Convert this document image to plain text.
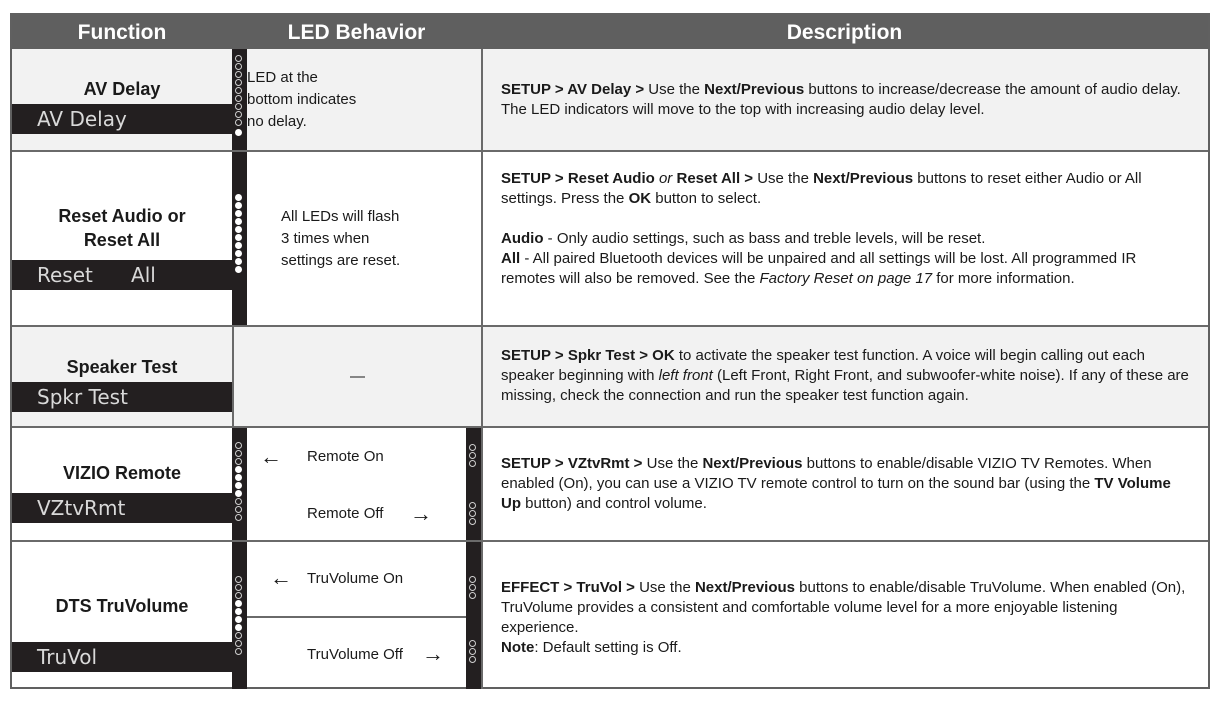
Function	LED Behavior	Description
AV Delay
AV Delay

LED at the

bottom indicates

no delay.

SETUP > AV Delay > Use the Next/Previous buttons to increase/decrease the amount of audio delay. The LED indicators will move to the top with increasing audio delay level.

Reset Audio or
Reset All
Reset      All

All LEDs will flash

3 times when

settings are reset.

SETUP > Reset Audio or Reset All > Use the Next/Previous buttons to reset either Audio or All settings. Press the OK button to select.

Audio - Only audio settings, such as bass and treble levels, will be reset.

All - All paired Bluetooth devices will be unpaired and all settings will be lost. All programmed IR remotes will also be removed. See the Factory Reset on page 17 for more information.

Speaker Test
Spkr Test
—

SETUP > Spkr Test > OK to activate the speaker test function. A voice will begin calling out each speaker beginning with left front (Left Front, Right Front, and subwoofer-white noise). If any of these are missing, check the connection and run the speaker test function again.

VIZIO Remote
VZtvRmt
← Remote On
Remote Off →

SETUP > VZtvRmt > Use the Next/Previous buttons to enable/disable VIZIO TV Remotes. When enabled (On), you can use a VIZIO TV remote control to turn on the sound bar (using the TV Volume Up button) and control volume.

DTS TruVolume
TruVol
← TruVolume On
TruVolume Off →

EFFECT > TruVol > Use the Next/Previous buttons to enable/disable TruVolume. When enabled (On), TruVolume provides a consistent and comfortable volume level for a more enjoyable listening experience.

Note: Default setting is Off.
